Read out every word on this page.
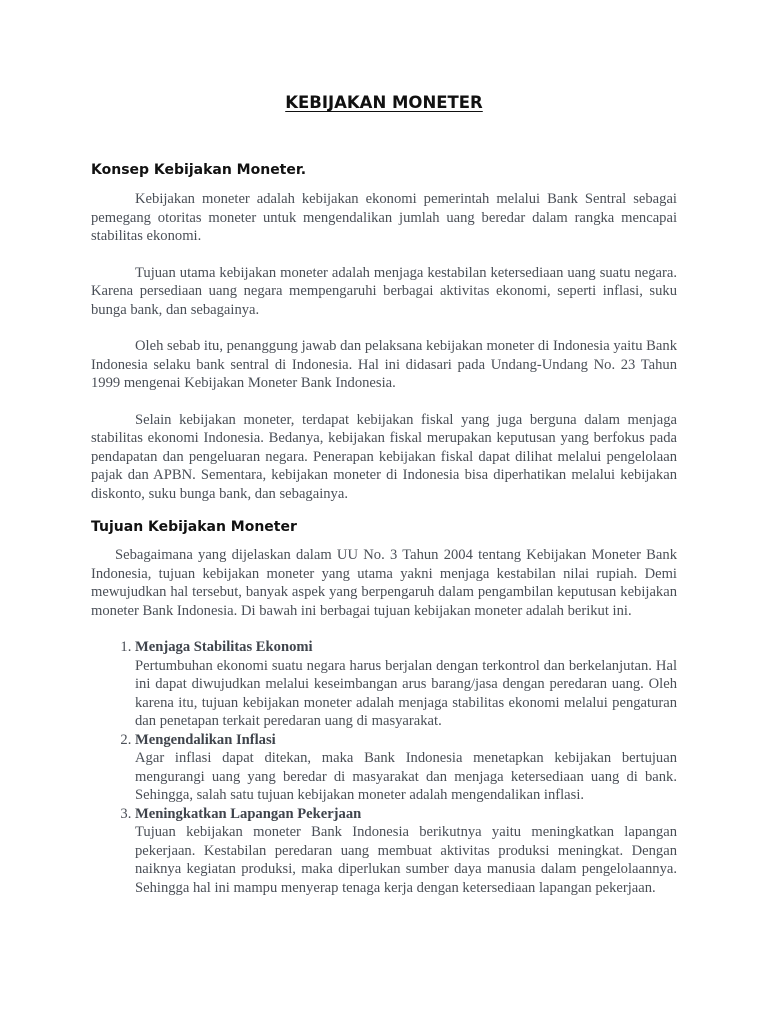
KEBIJAKAN MONETER
Konsep Kebijakan Moneter.

Kebijakan moneter adalah kebijakan ekonomi pemerintah melalui Bank Sentral sebagai pemegang otoritas moneter untuk mengendalikan jumlah uang beredar dalam rangka mencapai stabilitas ekonomi.

Tujuan utama kebijakan moneter adalah menjaga kestabilan ketersediaan uang suatu negara. Karena persediaan uang negara mempengaruhi berbagai aktivitas ekonomi, seperti inflasi, suku bunga bank, dan sebagainya.

Oleh sebab itu, penanggung jawab dan pelaksana kebijakan moneter di Indonesia yaitu Bank Indonesia selaku bank sentral di Indonesia. Hal ini didasari pada Undang-Undang No. 23 Tahun 1999 mengenai Kebijakan Moneter Bank Indonesia.

Selain kebijakan moneter, terdapat kebijakan fiskal yang juga berguna dalam menjaga stabilitas ekonomi Indonesia. Bedanya, kebijakan fiskal merupakan keputusan yang berfokus pada pendapatan dan pengeluaran negara. Penerapan kebijakan fiskal dapat dilihat melalui pengelolaan pajak dan APBN. Sementara, kebijakan moneter di Indonesia bisa diperhatikan melalui kebijakan diskonto, suku bunga bank, dan sebagainya.

Tujuan Kebijakan Moneter

Sebagaimana yang dijelaskan dalam UU No. 3 Tahun 2004 tentang Kebijakan Moneter Bank Indonesia, tujuan kebijakan moneter yang utama yakni menjaga kestabilan nilai rupiah. Demi mewujudkan hal tersebut, banyak aspek yang berpengaruh dalam pengambilan keputusan kebijakan moneter Bank Indonesia. Di bawah ini berbagai tujuan kebijakan moneter adalah berikut ini.

1. Menjaga Stabilitas Ekonomi
Pertumbuhan ekonomi suatu negara harus berjalan dengan terkontrol dan berkelanjutan. Hal ini dapat diwujudkan melalui keseimbangan arus barang/jasa dengan peredaran uang. Oleh karena itu, tujuan kebijakan moneter adalah menjaga stabilitas ekonomi melalui pengaturan dan penetapan terkait peredaran uang di masyarakat.
2. Mengendalikan Inflasi
Agar inflasi dapat ditekan, maka Bank Indonesia menetapkan kebijakan bertujuan mengurangi uang yang beredar di masyarakat dan menjaga ketersediaan uang di bank. Sehingga, salah satu tujuan kebijakan moneter adalah mengendalikan inflasi.
3. Meningkatkan Lapangan Pekerjaan
Tujuan kebijakan moneter Bank Indonesia berikutnya yaitu meningkatkan lapangan pekerjaan. Kestabilan peredaran uang membuat aktivitas produksi meningkat. Dengan naiknya kegiatan produksi, maka diperlukan sumber daya manusia dalam pengelolaannya. Sehingga hal ini mampu menyerap tenaga kerja dengan ketersediaan lapangan pekerjaan.
